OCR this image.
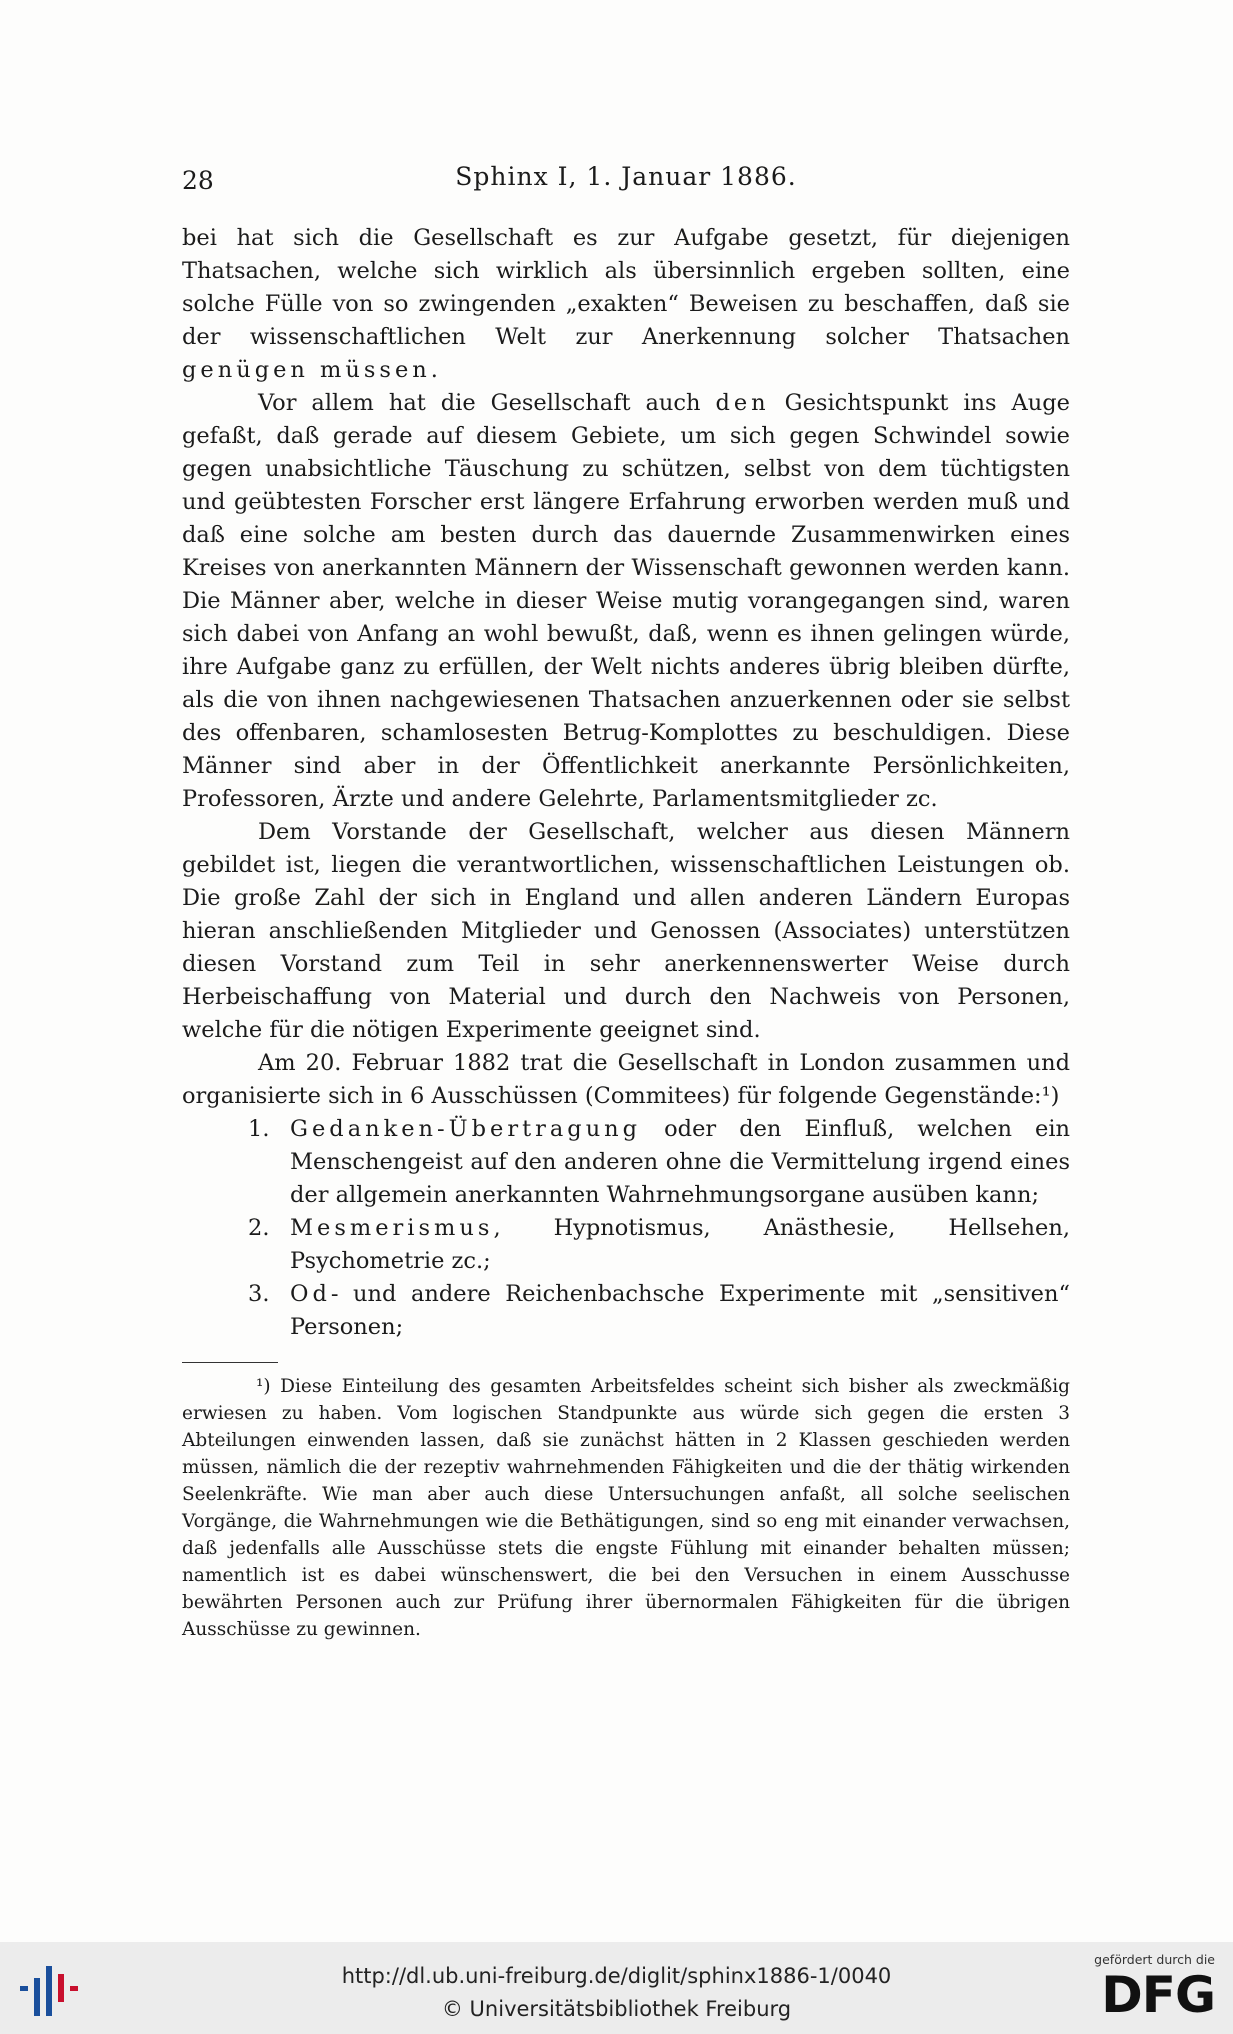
28	Sphinx I, 1. Januar 1886.

bei hat sich die Gesellschaft es zur Aufgabe gesetzt, für diejenigen Thatsachen, welche sich wirklich als übersinnlich ergeben sollten, eine solche Fülle von so zwingenden „exakten“ Beweisen zu beschaffen, daß sie der wissenschaftlichen Welt zur Anerkennung solcher Thatsachen genügen müssen.

Vor allem hat die Gesellschaft auch den Gesichtspunkt ins Auge gefaßt, daß gerade auf diesem Gebiete, um sich gegen Schwindel sowie gegen unabsichtliche Täuschung zu schützen, selbst von dem tüchtigsten und geübtesten Forscher erst längere Erfahrung erworben werden muß und daß eine solche am besten durch das dauernde Zusammenwirken eines Kreises von anerkannten Männern der Wissenschaft gewonnen werden kann. Die Männer aber, welche in dieser Weise mutig vorangegangen sind, waren sich dabei von Anfang an wohl bewußt, daß, wenn es ihnen gelingen würde, ihre Aufgabe ganz zu erfüllen, der Welt nichts anderes übrig bleiben dürfte, als die von ihnen nachgewiesenen Thatsachen anzuerkennen oder sie selbst des offenbaren, schamlosesten Betrug-Komplottes zu beschuldigen. Diese Männer sind aber in der Öffentlichkeit anerkannte Persönlichkeiten, Professoren, Ärzte und andere Gelehrte, Parlamentsmitglieder zc.

Dem Vorstande der Gesellschaft, welcher aus diesen Männern gebildet ist, liegen die verantwortlichen, wissenschaftlichen Leistungen ob. Die große Zahl der sich in England und allen anderen Ländern Europas hieran anschließenden Mitglieder und Genossen (Associates) unterstützen diesen Vorstand zum Teil in sehr anerkennenswerter Weise durch Herbeischaffung von Material und durch den Nachweis von Personen, welche für die nötigen Experimente geeignet sind.

Am 20. Februar 1882 trat die Gesellschaft in London zusammen und organisierte sich in 6 Ausschüssen (Commitees) für folgende Gegenstände:¹)

1. Gedanken-Übertragung oder den Einfluß, welchen ein Menschengeist auf den anderen ohne die Vermittelung irgend eines der allgemein anerkannten Wahrnehmungsorgane ausüben kann;
2. Mesmerismus, Hypnotismus, Anästhesie, Hellsehen, Psychometrie zc.;
3. Od- und andere Reichenbachsche Experimente mit „sensitiven“ Personen;

¹) Diese Einteilung des gesamten Arbeitsfeldes scheint sich bisher als zweckmäßig erwiesen zu haben. Vom logischen Standpunkte aus würde sich gegen die ersten 3 Abteilungen einwenden lassen, daß sie zunächst hätten in 2 Klassen geschieden werden müssen, nämlich die der rezeptiv wahrnehmenden Fähigkeiten und die der thätig wirkenden Seelenkräfte. Wie man aber auch diese Untersuchungen anfaßt, all solche seelischen Vorgänge, die Wahrnehmungen wie die Bethätigungen, sind so eng mit einander verwachsen, daß jedenfalls alle Ausschüsse stets die engste Fühlung mit einander behalten müssen; namentlich ist es dabei wünschenswert, die bei den Versuchen in einem Ausschusse bewährten Personen auch zur Prüfung ihrer übernormalen Fähigkeiten für die übrigen Ausschüsse zu gewinnen.

http://dl.ub.uni-freiburg.de/diglit/sphinx1886-1/0040
© Universitätsbibliothek Freiburg
gefördert durch die
DFG
